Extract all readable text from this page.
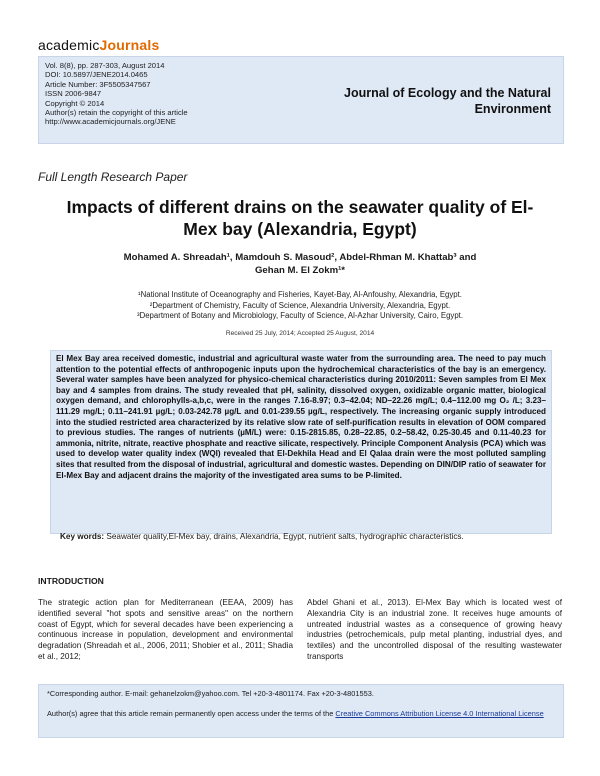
academicJournals
Vol. 8(8), pp. 287-303, August 2014
DOI: 10.5897/JENE2014.0465
Article Number: 3F5505347567
ISSN 2006-9847
Copyright © 2014
Author(s) retain the copyright of this article
http://www.academicjournals.org/JENE
Journal of Ecology and the Natural Environment
Full Length Research Paper
Impacts of different drains on the seawater quality of El-Mex bay (Alexandria, Egypt)
Mohamed A. Shreadah¹, Mamdouh S. Masoud², Abdel-Rhman M. Khattab³ and
Gehan M. El Zokm¹*
¹National Institute of Oceanography and Fisheries, Kayet-Bay, Al-Anfoushy, Alexandria, Egypt.
²Department of Chemistry, Faculty of Science, Alexandria University, Alexandria, Egypt.
³Department of Botany and Microbiology, Faculty of Science, Al-Azhar University, Cairo, Egypt.
Received 25 July, 2014; Accepted 25 August, 2014

El Mex Bay area received domestic, industrial and agricultural waste water from the surrounding area. The need to pay much attention to the potential effects of anthropogenic inputs upon the hydrochemical characteristics of the bay is an emergency. Several water samples have been analyzed for physico-chemical characteristics during 2010/2011: Seven samples from El Mex bay and 4 samples from drains. The study revealed that pH, salinity, dissolved oxygen, oxidizable organic matter, biological oxygen demand, and chlorophylls-a,b,c, were in the ranges 7.16-8.97; 0.3–42.04; ND–22.26 mg/L; 0.4–112.00 mg O₂ /L; 3.23–111.29 mg/L; 0.11–241.91 µg/L; 0.03-242.78 µg/L and 0.01-239.55 µg/L, respectively. The increasing organic supply introduced into the studied restricted area characterized by its relative slow rate of self-purification results in elevation of OOM compared to previous studies. The ranges of nutrients (µM/L) were: 0.15-2815.85, 0.28–22.85, 0.2–58.42, 0.25-30.45 and 0.11-40.23 for ammonia, nitrite, nitrate, reactive phosphate and reactive silicate, respectively. Principle Component Analysis (PCA) which was used to develop water quality index (WQI) revealed that El-Dekhila Head and El Qalaa drain were the most polluted sampling sites that resulted from the disposal of industrial, agricultural and domestic wastes. Depending on DIN/DIP ratio of seawater for El-Mex Bay and adjacent drains the majority of the investigated area sums to be P-limited.

Key words: Seawater quality,El-Mex bay, drains, Alexandria, Egypt, nutrient salts, hydrographic characteristics.
INTRODUCTION
The strategic action plan for Mediterranean (EEAA, 2009) has identified several "hot spots and sensitive areas" on the northern coast of Egypt, which for several decades have been experiencing a continuous increase in population, development and environmental degradation (Shreadah et al., 2006, 2011; Shobier et al., 2011; Shadia et al., 2012;
Abdel Ghani et al., 2013). El-Mex Bay which is located west of Alexandria City is an industrial zone. It receives huge amounts of untreated industrial wastes as a consequence of growing heavy industries (petrochemicals, pulp metal planting, industrial dyes, and textiles) and the uncontrolled disposal of the resulting wastewater transports
*Corresponding author. E-mail: gehanelzokm@yahoo.com. Tel +20-3-4801174. Fax +20-3-4801553.
Author(s) agree that this article remain permanently open access under the terms of the Creative Commons Attribution License 4.0 International License
